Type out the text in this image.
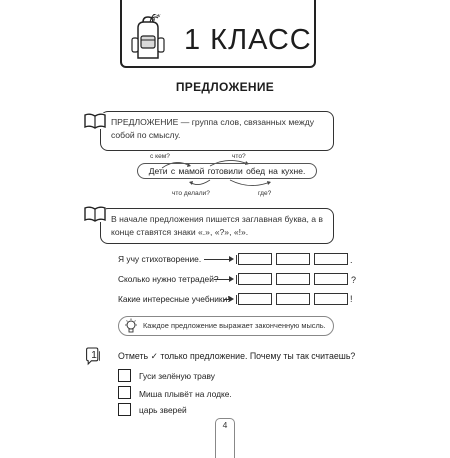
1 КЛАСС
ПРЕДЛОЖЕНИЕ
ПРЕДЛОЖЕНИЕ — группа слов, связанных между собой по смыслу.
с кем?	что?
что делали?	где?
Дети с мамой готовили обед на кухне.
В начале предложения пишется заглавная буква, а в конце ставятся знаки «.», «?», «!».
Я учу стихотворение.	.
Сколько нужно тетрадей?	?
Какие интересные учебники!	!
Каждое предложение выражает законченную мысль.
1	Отметь ✓ только предложение. Почему ты так считаешь?
Гуси зелёную траву
Миша плывёт на лодке.
царь зверей
4
